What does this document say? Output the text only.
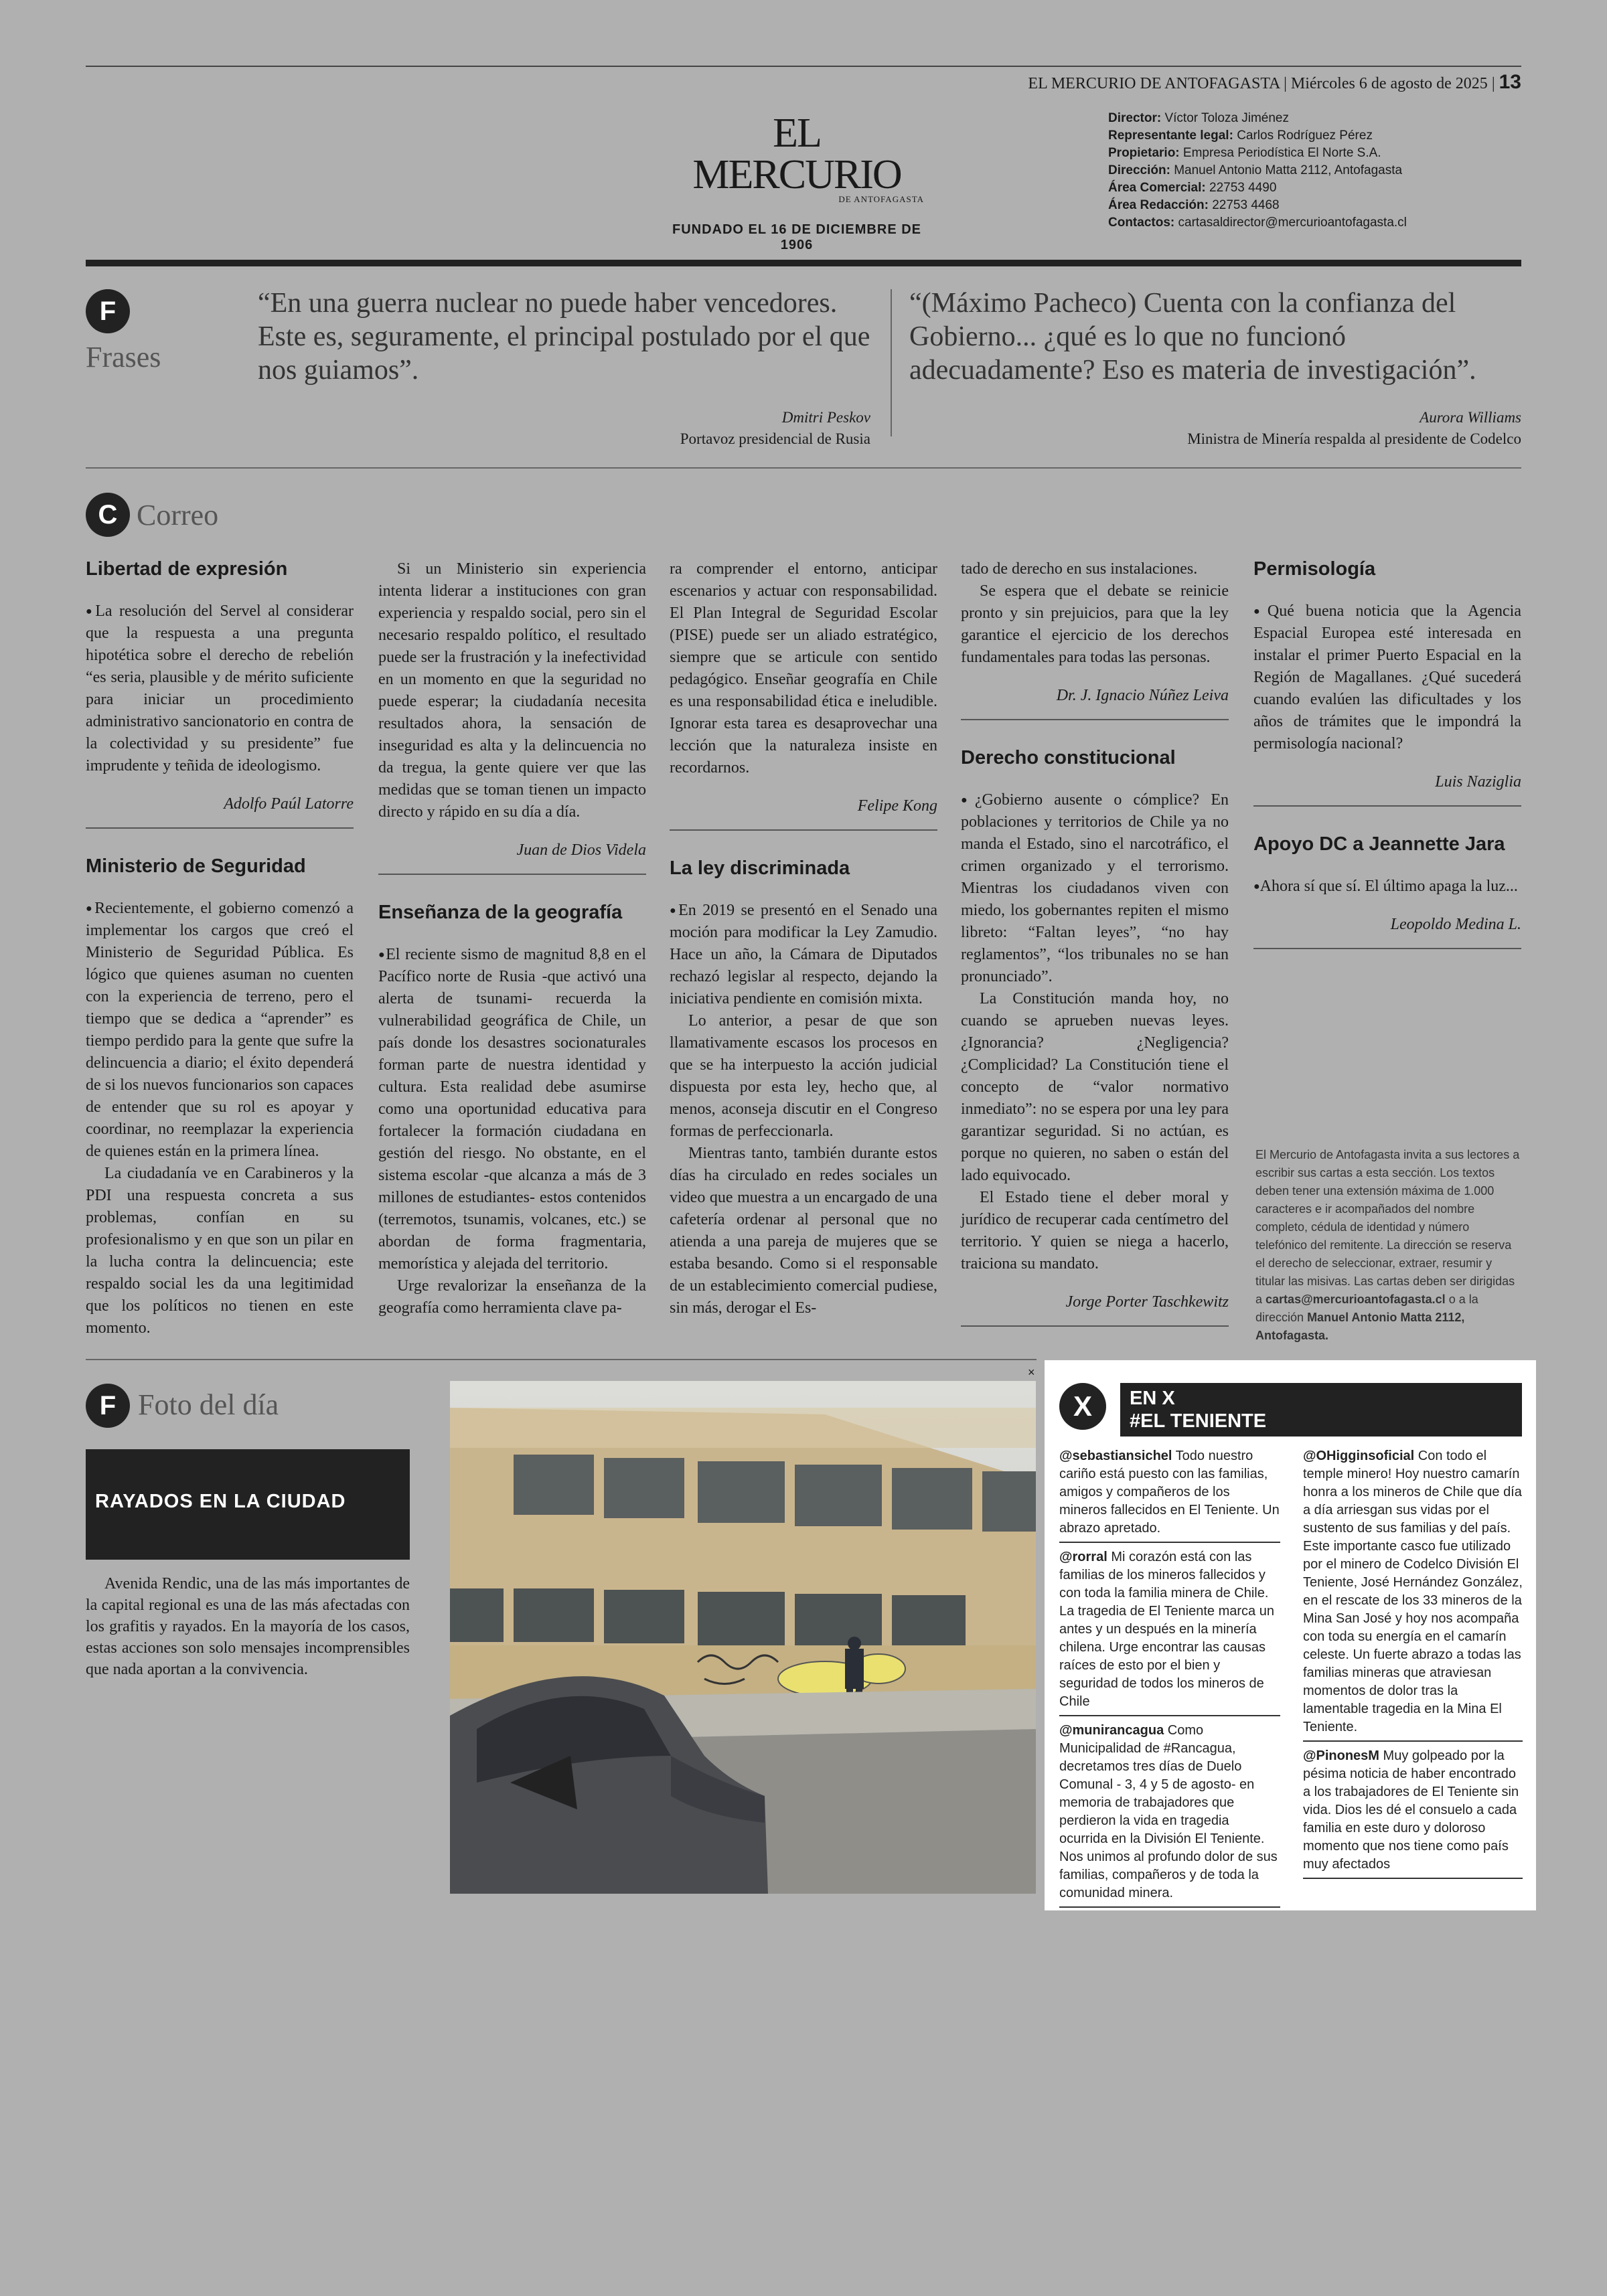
EL MERCURIO DE ANTOFAGASTA | Miércoles 6 de agosto de 2025 | 13
EL MERCURIO
DE ANTOFAGASTA
FUNDADO EL 16 DE DICIEMBRE DE 1906
Director: Víctor Toloza Jiménez
Representante legal: Carlos Rodríguez Pérez
Propietario: Empresa Periodística El Norte S.A.
Dirección: Manuel Antonio Matta 2112, Antofagasta
Área Comercial: 22753 4490
Área Redacción: 22753 4468
Contactos: cartasaldirector@mercurioantofagasta.cl
F
Frases
“En una guerra nuclear no puede haber vencedores. Este es, seguramente, el principal postulado por el que nos guiamos”.
Dmitri Peskov
Portavoz presidencial de Rusia
“(Máximo Pacheco) Cuenta con la confianza del Gobierno... ¿qué es lo que no funcionó adecuadamente? Eso es materia de investigación”.
Aurora Williams
Ministra de Minería respalda al presidente de Codelco
C Correo
Libertad de expresión

● La resolución del Servel al considerar que la respuesta a una pregunta hipotética sobre el derecho de rebelión “es seria, plausible y de mérito suficiente para iniciar un procedimiento administrativo sancionatorio en contra de la colectividad y su presidente” fue imprudente y teñida de ideologismo.

Adolfo Paúl Latorre
Ministerio de Seguridad

● Recientemente, el gobierno comenzó a implementar los cargos que creó el Ministerio de Seguridad Pública. Es lógico que quienes asuman no cuenten con la experiencia de terreno, pero el tiempo que se dedica a “aprender” es tiempo perdido para la gente que sufre la delincuencia a diario; el éxito dependerá de si los nuevos funcionarios son capaces de entender que su rol es apoyar y coordinar, no reemplazar la experiencia de quienes están en la primera línea.

La ciudadanía ve en Carabineros y la PDI una respuesta concreta a sus problemas, confían en su profesionalismo y en que son un pilar en la lucha contra la delincuencia; este respaldo social les da una legitimidad que los políticos no tienen en este momento.

Si un Ministerio sin experiencia intenta liderar a instituciones con gran experiencia y respaldo social, pero sin el necesario respaldo político, el resultado puede ser la frustración y la inefectividad en un momento en que la seguridad no puede esperar; la ciudadanía necesita resultados ahora, la sensación de inseguridad es alta y la delincuencia no da tregua, la gente quiere ver que las medidas que se toman tienen un impacto directo y rápido en su día a día.

Juan de Dios Videla
Enseñanza de la geografía

● El reciente sismo de magnitud 8,8 en el Pacífico norte de Rusia -que activó una alerta de tsunami- recuerda la vulnerabilidad geográfica de Chile, un país donde los desastres socionaturales forman parte de nuestra identidad y cultura. Esta realidad debe asumirse como una oportunidad educativa para fortalecer la formación ciudadana en gestión del riesgo. No obstante, en el sistema escolar -que alcanza a más de 3 millones de estudiantes- estos contenidos (terremotos, tsunamis, volcanes, etc.) se abordan de forma fragmentaria, memorística y alejada del territorio.

Urge revalorizar la enseñanza de la geografía como herramienta clave pa-

ra comprender el entorno, anticipar escenarios y actuar con responsabilidad. El Plan Integral de Seguridad Escolar (PISE) puede ser un aliado estratégico, siempre que se articule con sentido pedagógico. Enseñar geografía en Chile es una responsabilidad ética e ineludible. Ignorar esta tarea es desaprovechar una lección que la naturaleza insiste en recordarnos.

Felipe Kong
La ley discriminada

● En 2019 se presentó en el Senado una moción para modificar la Ley Zamudio. Hace un año, la Cámara de Diputados rechazó legislar al respecto, dejando la iniciativa pendiente en comisión mixta.

Lo anterior, a pesar de que son llamativamente escasos los procesos en que se ha interpuesto la acción judicial dispuesta por esta ley, hecho que, al menos, aconseja discutir en el Congreso formas de perfeccionarla.

Mientras tanto, también durante estos días ha circulado en redes sociales un video que muestra a un encargado de una cafetería ordenar al personal que no atienda a una pareja de mujeres que se estaba besando. Como si el responsable de un establecimiento comercial pudiese, sin más, derogar el Es-

tado de derecho en sus instalaciones.

Se espera que el debate se reinicie pronto y sin prejuicios, para que la ley garantice el ejercicio de los derechos fundamentales para todas las personas.

Dr. J. Ignacio Núñez Leiva
Derecho constitucional

● ¿Gobierno ausente o cómplice? En poblaciones y territorios de Chile ya no manda el Estado, sino el narcotráfico, el crimen organizado y el terrorismo. Mientras los ciudadanos viven con miedo, los gobernantes repiten el mismo libreto: “Faltan leyes”, “no hay reglamentos”, “los tribunales no se han pronunciado”.

La Constitución manda hoy, no cuando se aprueben nuevas leyes. ¿Ignorancia? ¿Negligencia? ¿Complicidad? La Constitución tiene el concepto de “valor normativo inmediato”: no se espera por una ley para garantizar seguridad. Si no actúan, es porque no quieren, no saben o están del lado equivocado.

El Estado tiene el deber moral y jurídico de recuperar cada centímetro del territorio. Y quien se niega a hacerlo, traiciona su mandato.

Jorge Porter Taschkewitz
Permisología

● Qué buena noticia que la Agencia Espacial Europea esté interesada en instalar el primer Puerto Espacial en la Región de Magallanes. ¿Qué sucederá cuando evalúen las dificultades y los años de trámites que le impondrá la permisología nacional?

Luis Naziglia
Apoyo DC a Jeannette Jara

● Ahora sí que sí. El último apaga la luz...

Leopoldo Medina L.
El Mercurio de Antofagasta invita a sus lectores a escribir sus cartas a esta sección. Los textos deben tener una extensión máxima de 1.000 caracteres e ir acompañados del nombre completo, cédula de identidad y número telefónico del remitente. La dirección se reserva el derecho de seleccionar, extraer, resumir y titular las misivas. Las cartas deben ser dirigidas a cartas@mercurioantofagasta.cl o a la dirección Manuel Antonio Matta 2112, Antofagasta.
F Foto del día
RAYADOS EN LA CIUDAD
Avenida Rendic, una de las más importantes de la capital regional es una de las más afectadas con los grafitis y rayados. En la mayoría de los casos, estas acciones son solo mensajes incomprensibles que nada aportan a la convivencia.
×
X	EN X
#EL TENIENTE
@sebastiansichel Todo nuestro cariño está puesto con las familias, amigos y compañeros de los mineros fallecidos en El Teniente. Un abrazo apretado.
@rorral Mi corazón está con las familias de los mineros fallecidos y con toda la familia minera de Chile. La tragedia de El Teniente marca un antes y un después en la minería chilena. Urge encontrar las causas raíces de esto por el bien y seguridad de todos los mineros de Chile
@munirancagua Como Municipalidad de #Rancagua, decretamos tres días de Duelo Comunal - 3, 4 y 5 de agosto- en memoria de trabajadores que perdieron la vida en tragedia ocurrida en la División El Teniente. Nos unimos al profundo dolor de sus familias, compañeros y de toda la comunidad minera.
@OHigginsoficial Con todo el temple minero! Hoy nuestro camarín honra a los mineros de Chile que día a día arriesgan sus vidas por el sustento de sus familias y del país. Este importante casco fue utilizado por el minero de Codelco División El Teniente, José Hernández González, en el rescate de los 33 mineros de la Mina San José y hoy nos acompaña con toda su energía en el camarín celeste. Un fuerte abrazo a todas las familias mineras que atraviesan momentos de dolor tras la lamentable tragedia en la Mina El Teniente.
@PinonesM Muy golpeado por la pésima noticia de haber encontrado a los trabajadores de El Teniente sin vida. Dios les dé el consuelo a cada familia en este duro y doloroso momento que nos tiene como país muy afectados
